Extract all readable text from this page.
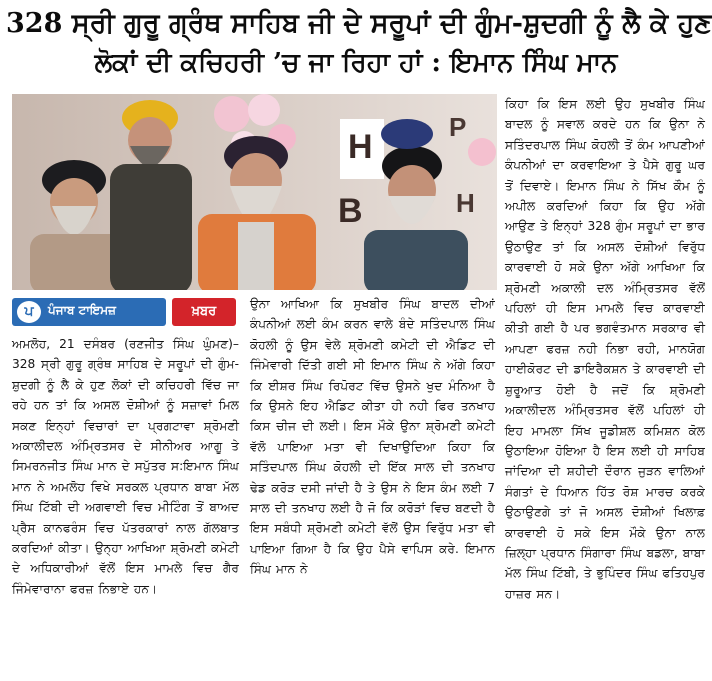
328 ਸ੍ਰੀ ਗੁਰੂ ਗ੍ਰੰਥ ਸਾਹਿਬ ਜੀ ਦੇ ਸਰੂਪਾਂ ਦੀ ਗੁੰਮ-ਸ਼ੁਦਗੀ ਨੂੰ ਲੈ ਕੇ ਹੁਣ
ਲੋਕਾਂ ਦੀ ਕਚਿਹਰੀ ’ਚ ਜਾ ਰਿਹਾ ਹਾਂ : ਇਮਾਨ ਸਿੰਘ ਮਾਨ
H
P
B	H
ਪ	ਪੰਜਾਬ ਟਾਇਮਜ਼	ਖ਼ਬਰ
ਅਮਲੋਹ, 21 ਦਸੰਬਰ (ਰਣਜੀਤ ਸਿੰਘ ਘੁੰਮਣ)– 328 ਸ੍ਰੀ ਗੁਰੂ ਗ੍ਰੰਥ ਸਾਹਿਬ ਦੇ ਸਰੂਪਾਂ ਦੀ ਗੁੰਮ-ਸ਼ੁਦਗੀ ਨੂੰ ਲੈ ਕੇ ਹੁਣ ਲੋਕਾਂ ਦੀ ਕਚਿਹਰੀ ਵਿੱਚ ਜਾ ਰਹੇ ਹਨ ਤਾਂ ਕਿ ਅਸਲ ਦੋਸ਼ੀਆਂ ਨੂੰ ਸਜ਼ਾਵਾਂ ਮਿਲ ਸਕਣ ਇਨ੍ਹਾਂ ਵਿਚਾਰਾਂ ਦਾ ਪ੍ਰਗਟਾਵਾ ਸ਼੍ਰੋਮਣੀ ਅਕਾਲੀਦਲ ਅੰਮ੍ਰਿਤਸਰ ਦੇ ਸੀਨੀਅਰ ਆਗੂ ਤੇ ਸਿਮਰਨਜੀਤ ਸਿੰਘ ਮਾਨ ਦੇ ਸਪੁੱਤਰ ਸ:ਇਮਾਨ ਸਿੰਘ ਮਾਨ ਨੇ ਅਮਲੋਹ ਵਿਖੇ ਸਰਕਲ ਪ੍ਰਧਾਨ ਬਾਬਾ ਮੱਲ ਸਿੰਘ ਟਿੱਬੀ ਦੀ ਅਗਵਾਈ ਵਿਚ ਮੀਟਿੰਗ ਤੋਂ ਬਾਅਦ ਪ੍ਰੈਸ ਕਾਨਫਰੰਸ ਵਿਚ ਪੱਤਰਕਾਰਾਂ ਨਾਲ ਗੱਲਬਾਤ ਕਰਦਿਆਂ ਕੀਤਾ। ਉਨ੍ਹਾ ਆਖਿਆ ਸ਼੍ਰੋਮਣੀ ਕਮੇਟੀ ਦੇ ਅਧਿਕਾਰੀਆਂ ਵੱਲੋਂ ਇਸ ਮਾਮਲੇ ਵਿਚ ਗੈਰ ਜਿੰਮੇਵਾਰਾਨਾ ਫਰਜ਼ ਨਿਭਾਏ ਹਨ।
ਉਨਾ ਆਖਿਆ ਕਿ ਸੁਖਬੀਰ ਸਿੰਘ ਬਾਦਲ ਦੀਆਂ ਕੰਪਨੀਆਂ ਲਈ ਕੰਮ ਕਰਨ ਵਾਲੇ ਬੰਦੇ ਸਤਿੰਦਪਾਲ ਸਿੰਘ ਕੋਹਲੀ ਨੂੰ ਉਸ ਵੇਲੇ ਸ਼੍ਰੋਮਣੀ ਕਮੇਟੀ ਦੀ ਐਡਿਟ ਦੀ ਜਿੰਮੇਵਾਰੀ ਦਿੱਤੀ ਗਈ ਸੀ ਇਮਾਨ ਸਿੰਘ ਨੇ ਅੱਗੇ ਕਿਹਾ ਕਿ ਈਸ਼ਰ ਸਿੰਘ ਰਿਪੋਰਟ ਵਿੱਚ ਉਸਨੇ ਖੁਦ ਮੰਨਿਆ ਹੈ ਕਿ ਉਸਨੇ ਇਹ ਐਡਿਟ ਕੀਤਾ ਹੀ ਨਹੀ ਫਿਰ ਤਨਖਾਹ ਕਿਸ ਚੀਜ ਦੀ ਲਈ। ਇਸ ਮੌਕੇ ਉਨਾ ਸ਼੍ਰੋਮਣੀ ਕਮੇਟੀ ਵੱਲੋ ਪਾਇਆ ਮਤਾ ਵੀ ਦਿਖਾਉਦਿਆ ਕਿਹਾ ਕਿ ਸਤਿੰਦਪਾਲ ਸਿੰਘ ਕੋਹਲੀ ਦੀ ਇੱਕ ਸਾਲ ਦੀ ਤਨਖਾਹ ਢੇਡ ਕਰੋੜ ਦਸੀ ਜਾਂਦੀ ਹੈ ਤੇ ਉਸ ਨੇ ਇਸ ਕੰਮ ਲਈ 7 ਸਾਲ ਦੀ ਤਨਖਾਹ ਲਈ ਹੈ ਜੋ ਕਿ ਕਰੋੜਾਂ ਵਿਚ ਬਣਦੀ ਹੈ ਇਸ ਸਬੰਧੀ ਸ਼੍ਰੋਮਣੀ ਕਮੇਟੀ ਵੱਲੋਂ ਉਸ ਵਿਰੁੱਧ ਮਤਾ ਵੀ ਪਾਇਆ ਗਿਆ ਹੈ ਕਿ ਉਹ ਪੈਸੇ ਵਾਪਿਸ ਕਰੇ. ਇਮਾਨ ਸਿੰਘ ਮਾਨ ਨੇ
ਕਿਹਾ ਕਿ ਇਸ ਲਈ ਉਹ ਸੁਖਬੀਰ ਸਿੰਘ ਬਾਦਲ ਨੂੰ ਸਵਾਲ ਕਰਦੇ ਹਨ ਕਿ ਉਨਾ ਨੇ ਸਤਿੰਦਰਪਾਲ ਸਿੰਘ ਕੋਹਲੀ ਤੋਂ ਕੰਮ ਆਪਣੀਆਂ ਕੰਪਨੀਆਂ ਦਾ ਕਰਵਾਇਆ ਤੇ ਪੈਸੇ ਗੁਰੂ ਘਰ ਤੋਂ ਦਿਵਾਏ। ਇਮਾਨ ਸਿੰਘ ਨੇ ਸਿੱਖ ਕੌਮ ਨੂੰ ਅਪੀਲ ਕਰਦਿਆਂ ਕਿਹਾ ਕਿ ਉਹ ਅੱਗੇ ਆਉਣ ਤੇ ਇਨ੍ਹਾਂ 328 ਗੁੰਮ ਸਰੂਪਾਂ ਦਾ ਭਾਰ ਉਠਾਉਣ ਤਾਂ ਕਿ ਅਸਲ ਦੋਸ਼ੀਆਂ ਵਿਰੁੱਧ ਕਾਰਵਾਈ ਹੋ ਸਕੇ ਉਨਾ ਅੱਗੇ ਆਖਿਆ ਕਿ ਸ਼੍ਰੋਮਣੀ ਅਕਾਲੀ ਦਲ ਅੰਮ੍ਰਿਤਸਰ ਵੱਲੋਂ ਪਹਿਲਾਂ ਹੀ ਇਸ ਮਾਮਲੇ ਵਿਚ ਕਾਰਵਾਈ ਕੀਤੀ ਗਈ ਹੈ ਪਰ ਭਗਵੰਤਮਾਨ ਸਰਕਾਰ ਵੀ ਆਪਣਾ ਫਰਜ਼ ਨਹੀ ਨਿਭਾ ਰਹੀ, ਮਾਨਯੋਗ ਹਾਈਕੋਰਟ ਦੀ ਡਾਇਰੈਕਸ਼ਨ ਤੇ ਕਾਰਵਾਈ ਦੀ ਸ਼ੁਰੂਆਤ ਹੋਈ ਹੈ ਜਦੋਂ ਕਿ ਸ਼੍ਰੋਮਣੀ ਅਕਾਲੀਦਲ ਅੰਮ੍ਰਿਤਸਰ ਵੱਲੋਂ ਪਹਿਲਾਂ ਹੀ ਇਹ ਮਾਮਲਾ ਸਿੱਖ ਜੂਡੀਸ਼ਲ ਕਮਿਸ਼ਨ ਕੋਲ ਉਠਾਇਆ ਹੋਇਆ ਹੈ ਇਸ ਲਈ ਹੀ ਸਾਹਿਬ ਜਾਂਦਿਆ ਦੀ ਸ਼ਹੀਦੀ ਦੌਰਾਨ ਜੁੜਨ ਵਾਲਿਆਂ ਸੰਗਤਾਂ ਦੇ ਧਿਆਨ ਹਿੱਤ ਰੋਸ਼ ਮਾਰਚ ਕਰਕੇ ਉਠਾਉਣਗੇ ਤਾਂ ਜੋ ਅਸਲ ਦੋਸ਼ੀਆਂ ਖਿਲਾਫ਼ ਕਾਰਵਾਈ ਹੋ ਸਕੇ ਇਸ ਮੌਕੇ ਉਨਾ ਨਾਲ ਜ਼ਿਲ੍ਹਾ ਪ੍ਰਧਾਨ ਸਿੰਗਾਰਾ ਸਿੰਘ ਬਡਲਾ, ਬਾਬਾ ਮੱਲ ਸਿੰਘ ਟਿੱਬੀ, ਤੇ ਭੁਪਿੰਦਰ ਸਿੰਘ ਫਤਿਹਪੁਰ ਹਾਜ਼ਰ ਸਨ।
